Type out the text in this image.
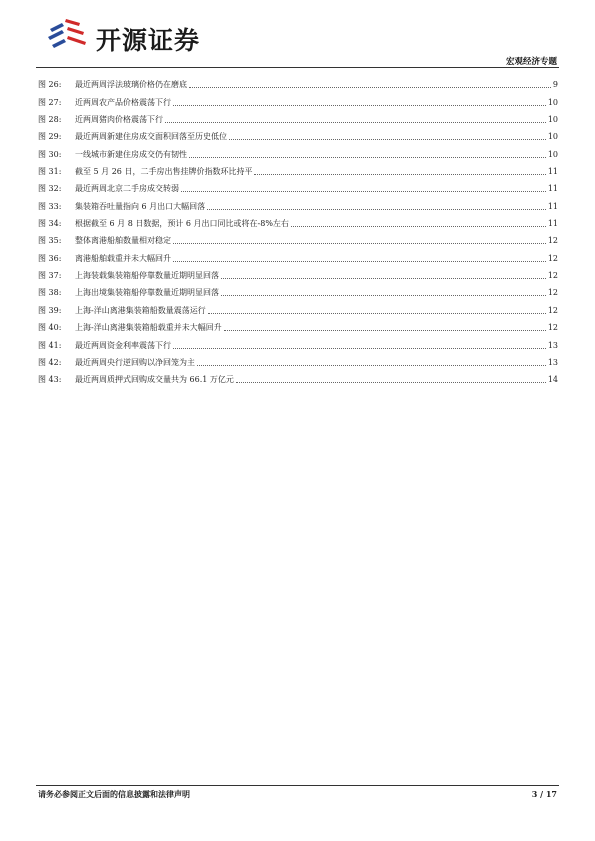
开源证券
宏观经济专题
图 26:	最近两周浮法玻璃价格仍在磨底	9
图 27:	近两周农产品价格震荡下行	10
图 28:	近两周猪肉价格震荡下行	10
图 29:	最近两周新建住房成交面积回落至历史低位	10
图 30:	一线城市新建住房成交仍有韧性	10
图 31:	截至 5 月 26 日，二手房出售挂牌价指数环比持平	11
图 32:	最近两周北京二手房成交转弱	11
图 33:	集装箱吞吐量指向 6 月出口大幅回落	11
图 34:	根据截至 6 月 8 日数据，预计 6 月出口同比或将在-8%左右	11
图 35:	整体离港船舶数量相对稳定	12
图 36:	离港船舶载重并未大幅回升	12
图 37:	上海装载集装箱船停靠数量近期明显回落	12
图 38:	上海出境集装箱船停靠数量近期明显回落	12
图 39:	上海-洋山离港集装箱船数量震荡运行	12
图 40:	上海-洋山离港集装箱船载重并未大幅回升	12
图 41:	最近两周资金利率震荡下行	13
图 42:	最近两周央行逆回购以净回笼为主	13
图 43:	最近两周质押式回购成交量共为 66.1 万亿元	14
请务必参阅正文后面的信息披露和法律声明	3 / 17
